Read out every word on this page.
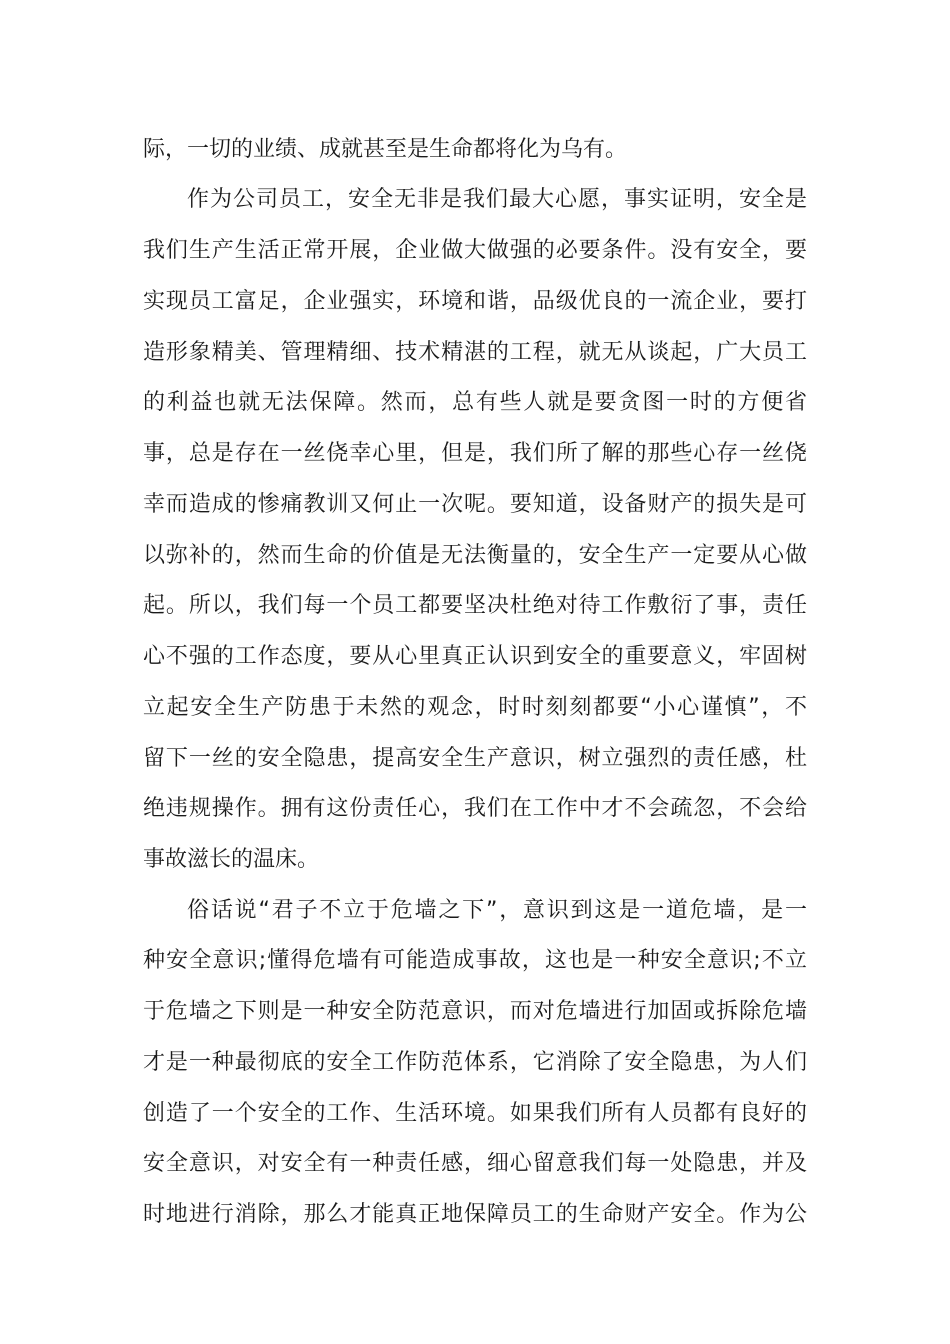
际，一切的业绩、成就甚至是生命都将化为乌有。
作为公司员工，安全无非是我们最大心愿，事实证明，安全是
我们生产生活正常开展，企业做大做强的必要条件。没有安全，要
实现员工富足，企业强实，环境和谐，品级优良的一流企业，要打
造形象精美、管理精细、技术精湛的工程，就无从谈起，广大员工
的利益也就无法保障。然而，总有些人就是要贪图一时的方便省
事，总是存在一丝侥幸心里，但是，我们所了解的那些心存一丝侥
幸而造成的惨痛教训又何止一次呢。要知道，设备财产的损失是可
以弥补的，然而生命的价值是无法衡量的，安全生产一定要从心做
起。所以，我们每一个员工都要坚决杜绝对待工作敷衍了事，责任
心不强的工作态度，要从心里真正认识到安全的重要意义，牢固树
立起安全生产防患于未然的观念，时时刻刻都要“小心谨慎”，不
留下一丝的安全隐患，提高安全生产意识，树立强烈的责任感，杜
绝违规操作。拥有这份责任心，我们在工作中才不会疏忽，不会给
事故滋长的温床。
俗话说“君子不立于危墙之下”，意识到这是一道危墙，是一
种安全意识;懂得危墙有可能造成事故，这也是一种安全意识;不立
于危墙之下则是一种安全防范意识，而对危墙进行加固或拆除危墙
才是一种最彻底的安全工作防范体系，它消除了安全隐患，为人们
创造了一个安全的工作、生活环境。如果我们所有人员都有良好的
安全意识，对安全有一种责任感，细心留意我们每一处隐患，并及
时地进行消除，那么才能真正地保障员工的生命财产安全。作为公
